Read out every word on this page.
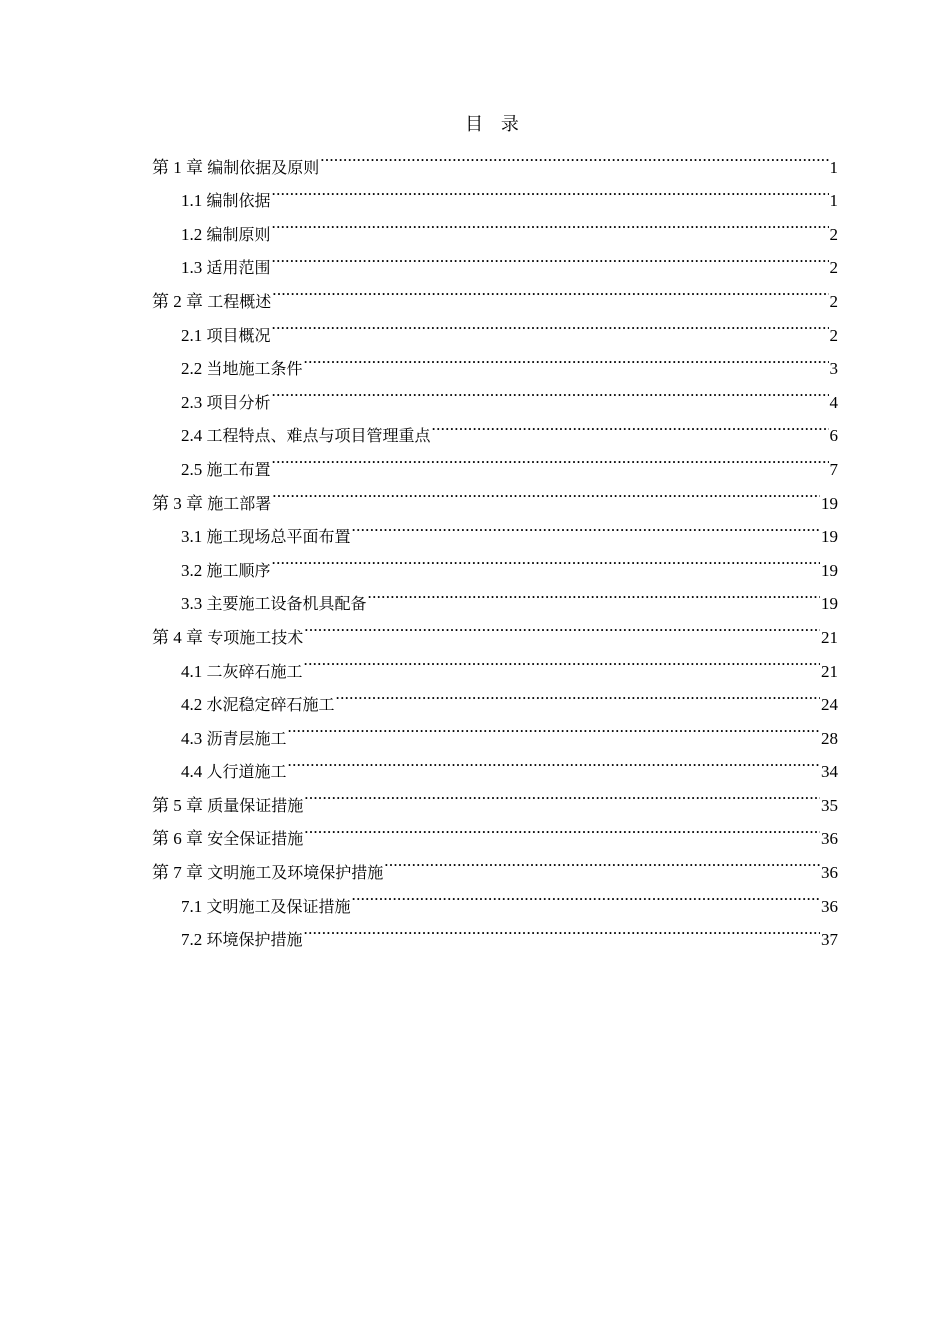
目 录
第 1 章 编制依据及原则 .....	1
1.1 编制依据 .....	1
1.2 编制原则 .....	2
1.3 适用范围 .....	2
第 2 章 工程概述 .....	2
2.1 项目概况 .....	2
2.2 当地施工条件 .....	3
2.3 项目分析 .....	4
2.4 工程特点、难点与项目管理重点 .....	6
2.5 施工布置 .....	7
第 3 章 施工部署 .....	19
3.1 施工现场总平面布置 .....	19
3.2 施工顺序 .....	19
3.3 主要施工设备机具配备 .....	19
第 4 章 专项施工技术 .....	21
4.1 二灰碎石施工 .....	21
4.2 水泥稳定碎石施工 .....	24
4.3 沥青层施工 .....	28
4.4 人行道施工 .....	34
第 5 章 质量保证措施 .....	35
第 6 章 安全保证措施 .....	36
第 7 章 文明施工及环境保护措施 .....	36
7.1 文明施工及保证措施 .....	36
7.2 环境保护措施 .....	37
